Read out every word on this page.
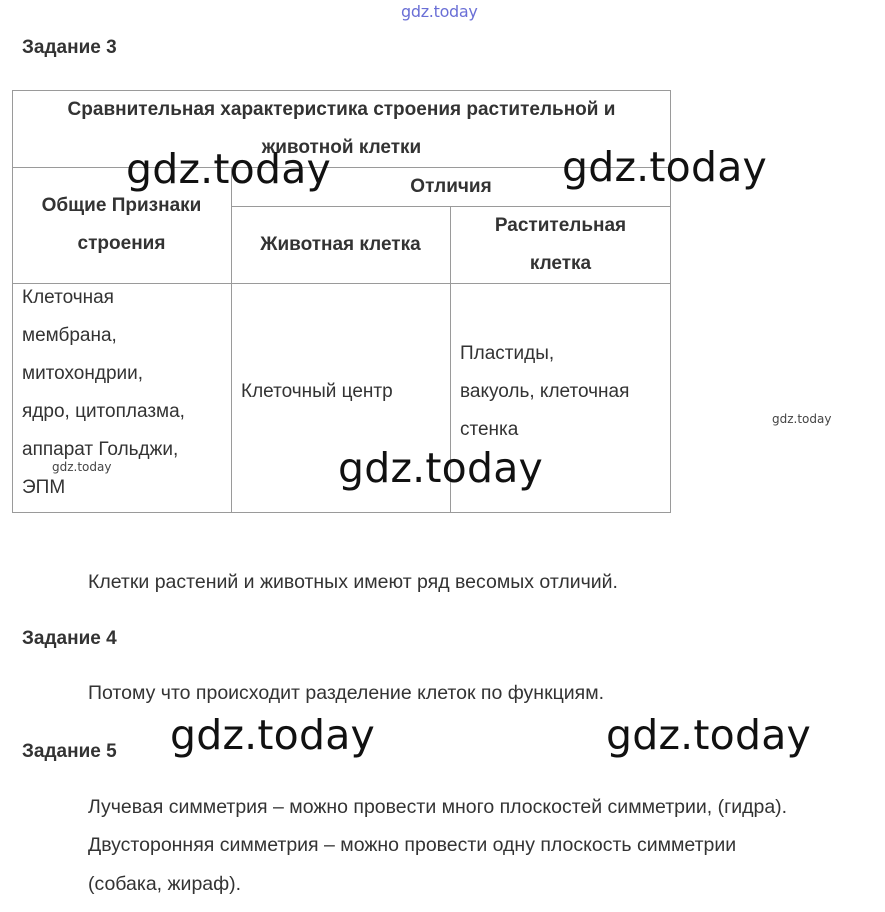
gdz.today
Задание 3
Сравнительная характеристика строения растительной и
животной клетки
Общие Признаки
строения
Отличия
Животная клетка
Растительная
клетка
Клеточная
мембрана,
митохондрии,
ядро, цитоплазма,
аппарат Гольджи,
ЭПМ
Клеточный центр
Пластиды,
вакуоль, клеточная
стенка
Клетки растений и животных имеют ряд весомых отличий.
Задание 4
Потому что происходит разделение клеток по функциям.
Задание 5
Лучевая симметрия – можно провести много плоскостей симметрии, (гидра).
Двусторонняя симметрия – можно провести одну плоскость симметрии
(собака, жираф).
gdz.today	gdz.today
gdz.today
gdz.today	gdz.today
gdz.today
gdz.today
